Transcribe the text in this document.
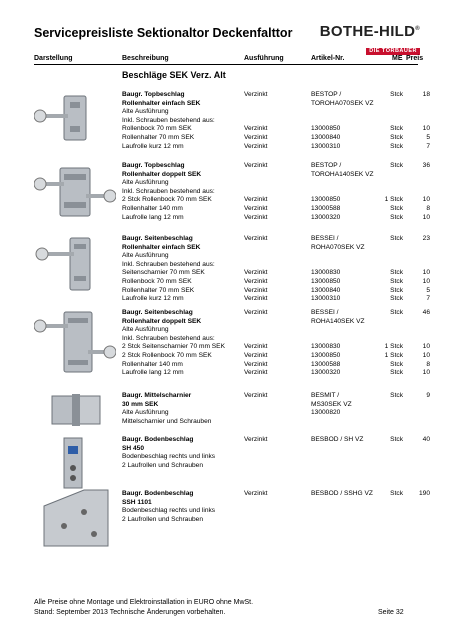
Servicepreisliste Sektionaltor Deckenfalttor BOTHE-HILD®
DIE TORBAUER
Darstellung	Beschreibung	Ausführung	Artikel-Nr.	ME Preis
Beschläge SEK Verz. Alt
Baugr. Topbeschlag	Verzinkt	BESTOP /	Stck	18
Rollenhalter einfach SEK	TOROHA070SEK VZ
Alte Ausführung
Inkl. Schrauben bestehend aus:
Rollenbock 70 mm SEK	Verzinkt	13000850	Stck	10
Rollenhalter 70 mm SEK	Verzinkt	13000840	Stck	5
Laufrolle kurz 12 mm	Verzinkt	13000310	Stck	7
Baugr. Topbeschlag	Verzinkt	BESTOP /	Stck	36
Rollenhalter doppelt SEK	TOROHA140SEK VZ
Alte Ausführung
Inkl. Schrauben bestehend aus:
2 Stck Rollenbock 70 mm SEK	Verzinkt	13000850	1 Stck	10
Rollenhalter 140 mm	Verzinkt	13000588	Stck	8
Laufrolle lang 12 mm	Verzinkt	13000320	Stck	10
Baugr. Seitenbeschlag	Verzinkt	BESSEI /	Stck	23
Rollenhalter einfach SEK	ROHA070SEK VZ
Alte Ausführung
Inkl. Schrauben bestehend aus:
Seitenscharnier 70 mm SEK	Verzinkt	13000830	Stck	10
Rollenbock 70 mm SEK	Verzinkt	13000850	Stck	10
Rollenhalter 70 mm SEK	Verzinkt	13000840	Stck	5
Laufrolle kurz 12 mm	Verzinkt	13000310	Stck	7
Baugr. Seitenbeschlag	Verzinkt	BESSEI /	Stck	46
Rollenhalter doppelt SEK	ROHA140SEK VZ
Alte Ausführung
Inkl. Schrauben bestehend aus:
2 Stck Seitenscharnier 70 mm SEK	Verzinkt	13000830	1 Stck	10
2 Stck Rollenbock 70 mm SEK	Verzinkt	13000850	1 Stck	10
Rollenhalter 140 mm	Verzinkt	13000588	Stck	8
Laufrolle lang 12 mm	Verzinkt	13000320	Stck	10
Baugr. Mittelscharnier	Verzinkt	BESMIT /	Stck	9
30 mm SEK	MS30SEK VZ
Alte Ausführung	13000820
Mittelscharnier und Schrauben
Baugr. Bodenbeschlag	Verzinkt	BESBOD / SH VZ	Stck	40
SH 450
Bodenbeschlag rechts und links
2 Laufrollen und Schrauben
Baugr. Bodenbeschlag	Verzinkt	BESBOD / SSHG VZ	Stck	190
SSH 1101
Bodenbeschlag rechts und links
2 Laufrollen und Schrauben
Alle Preise ohne Montage und Elektroinstallation in EURO ohne MwSt.
Stand: September 2013 Technische Änderungen vorbehalten.	Seite 32
